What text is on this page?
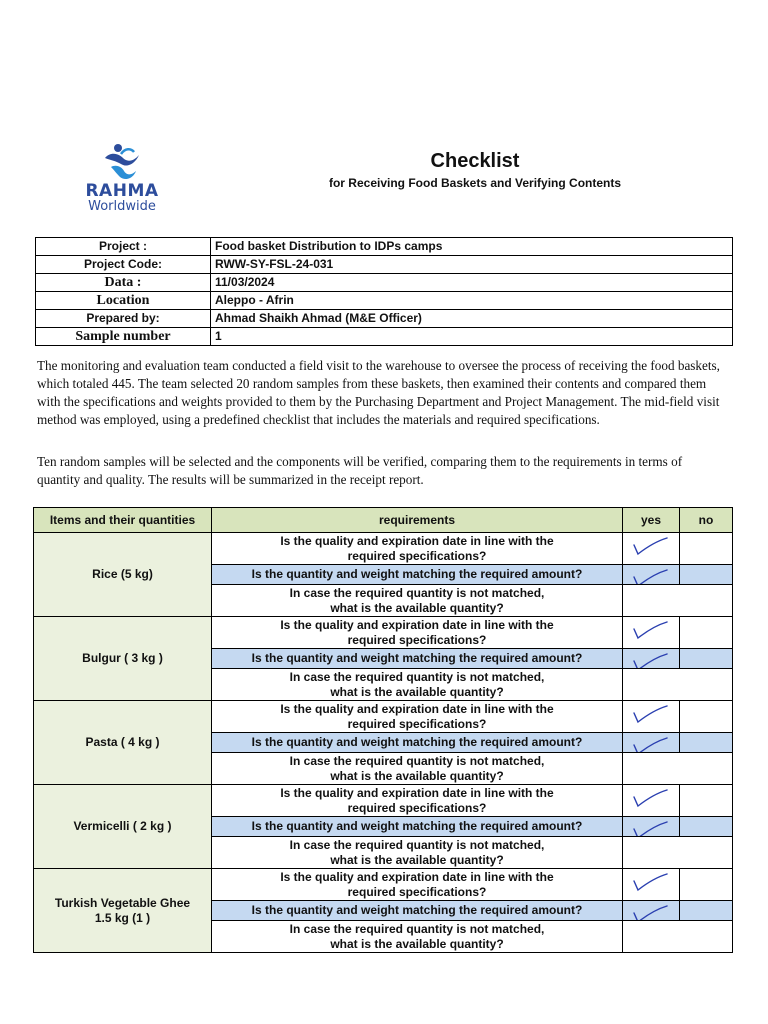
RAHMA
Worldwide
Checklist
for Receiving Food Baskets and Verifying Contents
Project :	Food basket Distribution to IDPs camps
Project Code:	RWW-SY-FSL-24-031
Data :	11/03/2024
Location	Aleppo - Afrin
Prepared by:	Ahmad Shaikh Ahmad (M&E Officer)
Sample number	1
The monitoring and evaluation team conducted a field visit to the warehouse to oversee the process of receiving the food baskets, which totaled 445. The team selected 20 random samples from these baskets, then examined their contents and compared them with the specifications and weights provided to them by the Purchasing Department and Project Management. The mid-field visit method was employed, using a predefined checklist that includes the materials and required specifications.
Ten random samples will be selected and the components will be verified, comparing them to the requirements in terms of quantity and quality. The results will be summarized in the receipt report.
Items and their quantities	requirements	yes	no
Rice (5 kg)	Is the quality and expiration date in line with the
required specifications?	

	Is the quantity and weight matching the required amount?	

	In case the required quantity is not matched,
what is the available quantity?		
Bulgur ( 3 kg )	Is the quality and expiration date in line with the
required specifications?	

	Is the quantity and weight matching the required amount?	

	In case the required quantity is not matched,
what is the available quantity?		
Pasta ( 4 kg )	Is the quality and expiration date in line with the
required specifications?	

	Is the quantity and weight matching the required amount?	

	In case the required quantity is not matched,
what is the available quantity?		
Vermicelli ( 2 kg )	Is the quality and expiration date in line with the
required specifications?	

	Is the quantity and weight matching the required amount?	

	In case the required quantity is not matched,
what is the available quantity?		
Turkish Vegetable Ghee
1.5 kg (1 )	Is the quality and expiration date in line with the
required specifications?	

	Is the quantity and weight matching the required amount?	

	In case the required quantity is not matched,
what is the available quantity?		
